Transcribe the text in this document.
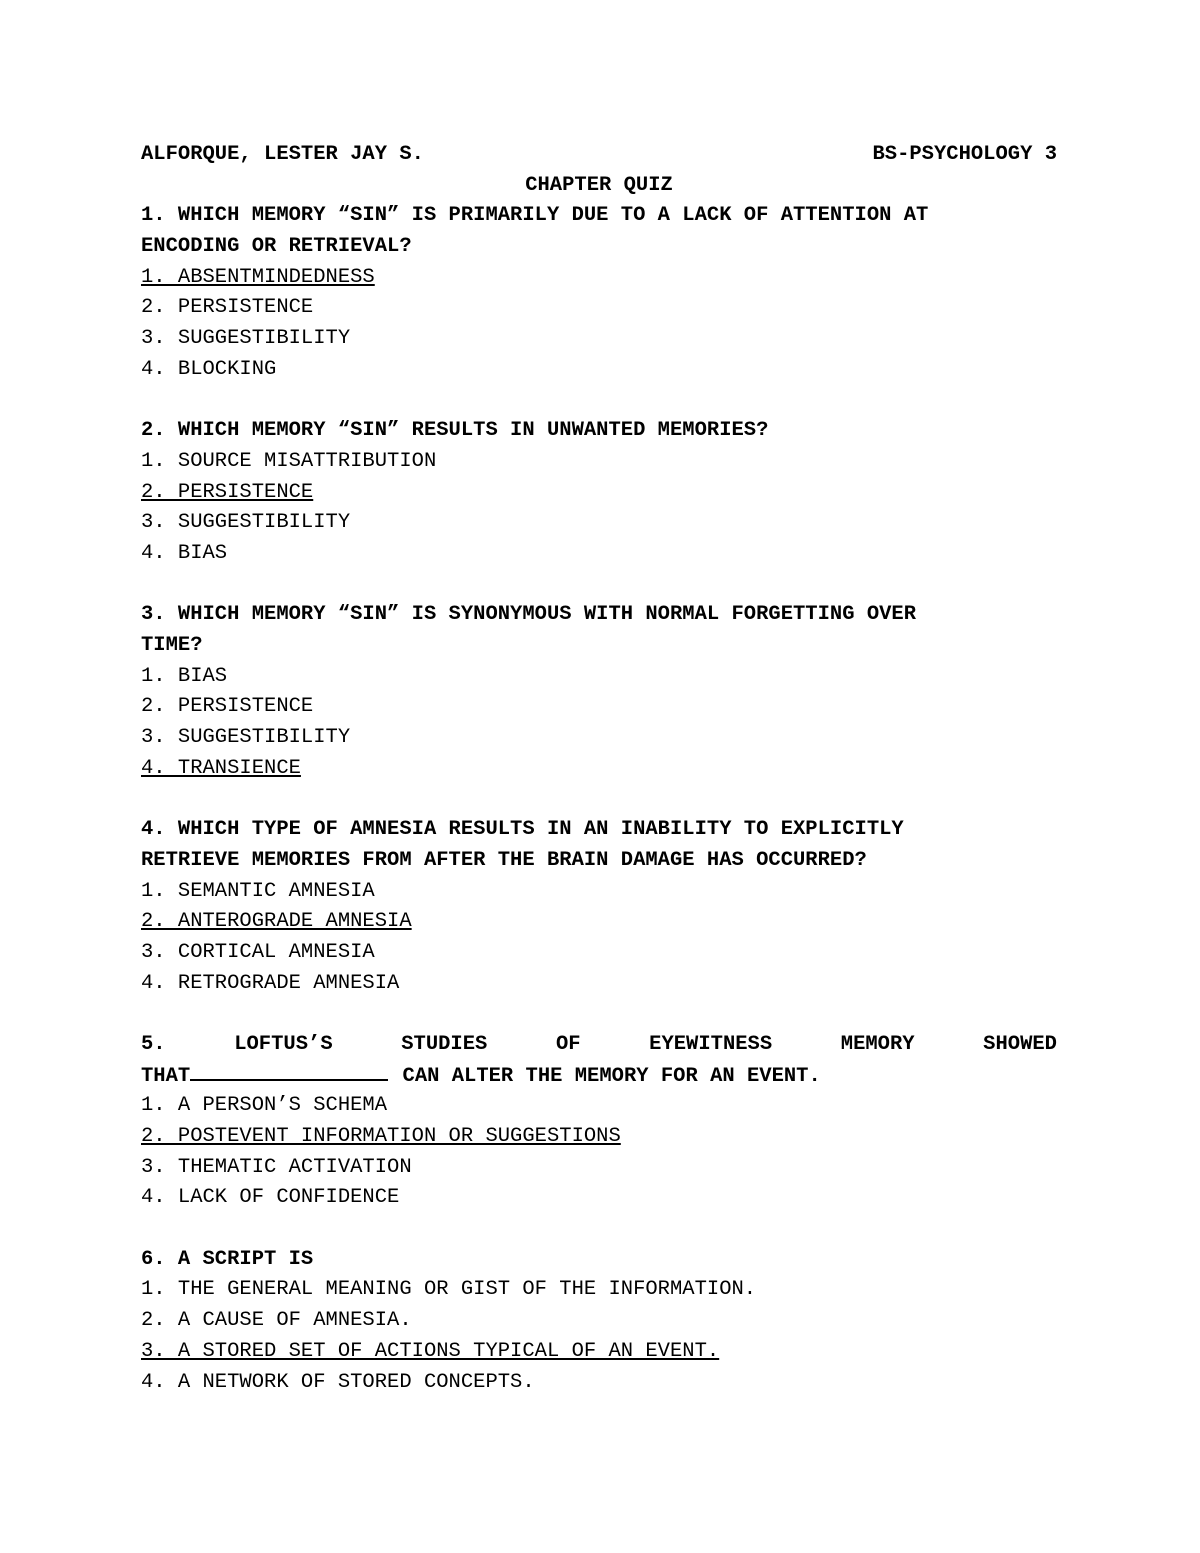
ALFORQUE, LESTER JAY S.	BS-PSYCHOLOGY 3
CHAPTER QUIZ
1. WHICH MEMORY “SIN” IS PRIMARILY DUE TO A LACK OF ATTENTION AT
ENCODING OR RETRIEVAL?
1. ABSENTMINDEDNESS
2. PERSISTENCE
3. SUGGESTIBILITY
4. BLOCKING
2. WHICH MEMORY “SIN” RESULTS IN UNWANTED MEMORIES?
1. SOURCE MISATTRIBUTION
2. PERSISTENCE
3. SUGGESTIBILITY
4. BIAS
3. WHICH MEMORY “SIN” IS SYNONYMOUS WITH NORMAL FORGETTING OVER
TIME?
1. BIAS
2. PERSISTENCE
3. SUGGESTIBILITY
4. TRANSIENCE
4. WHICH TYPE OF AMNESIA RESULTS IN AN INABILITY TO EXPLICITLY
RETRIEVE MEMORIES FROM AFTER THE BRAIN DAMAGE HAS OCCURRED?
1. SEMANTIC AMNESIA
2. ANTEROGRADE AMNESIA
3. CORTICAL AMNESIA
4. RETROGRADE AMNESIA
5.	LOFTUS’S	STUDIES	OF	EYEWITNESS	MEMORY	SHOWED
THAT	CAN ALTER THE MEMORY FOR AN EVENT.
1. A PERSON’S SCHEMA
2. POSTEVENT INFORMATION OR SUGGESTIONS
3. THEMATIC ACTIVATION
4. LACK OF CONFIDENCE
6. A SCRIPT IS
1. THE GENERAL MEANING OR GIST OF THE INFORMATION.
2. A CAUSE OF AMNESIA.
3. A STORED SET OF ACTIONS TYPICAL OF AN EVENT.
4. A NETWORK OF STORED CONCEPTS.
